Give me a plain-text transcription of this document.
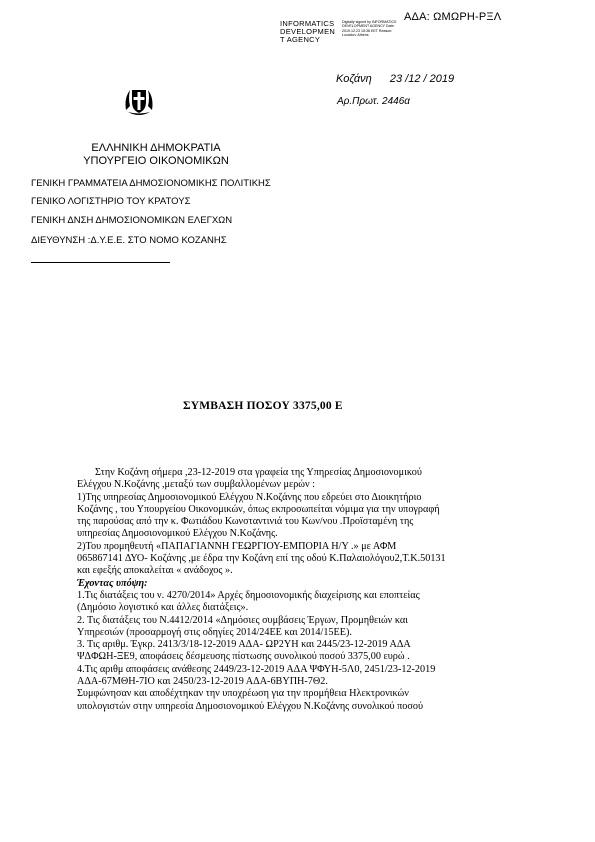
ΑΔΑ: ΩΜΩΡΗ-ΡΞΛ
INFORMATICS
DEVELOPMEN
T AGENCY
Digitally signed by INFORMATICS DEVELOPMENT AGENCY Date: 2019.12.23 15:38 EET Reason: Location: Athens
Κοζάνη 23 /12 / 2019
Αρ.Πρωτ. 2446α
ΕΛΛΗΝΙΚΗ ΔΗΜΟΚΡΑΤΙΑ
ΥΠΟΥΡΓΕΙΟ ΟΙΚΟΝΟΜΙΚΩΝ
ΓΕΝΙΚΗ ΓΡΑΜΜΑΤΕΙΑ ΔΗΜΟΣΙΟΝΟΜΙΚΗΣ ΠΟΛΙΤΙΚΗΣ
ΓΕΝΙΚΟ ΛΟΓΙΣΤΗΡΙΟ ΤΟΥ ΚΡΑΤΟΥΣ
ΓΕΝΙΚΗ ΔΝΣΗ ΔΗΜΟΣΙΟΝΟΜΙΚΩΝ ΕΛΕΓΧΩΝ
ΔΙΕΥΘΥΝΣΗ :Δ.Υ.Ε.Ε. ΣΤΟ ΝΟΜΟ ΚΟΖΑΝΗΣ
ΣΥΜΒΑΣΗ ΠΟΣΟΥ 3375,00 Ε

Στην Κοζάνη σήμερα ,23-12-2019 στα γραφεία της Υπηρεσίας Δημοσιονομικού

Ελέγχου Ν.Κοζάνης ,μεταξύ των συμβαλλομένων μερών :

1)Της υπηρεσίας Δημοσιονομικού Ελέγχου Ν.Κοζάνης που εδρεύει στο Διοικητήριο

Κοζάνης , του Υπουργείου Οικονομικών, όπως εκπροσωπείται νόμιμα για την υπογραφή

της παρούσας από την κ. Φωτιάδου Κωνσταντινιά του Κων/νου .Προϊσταμένη της

υπηρεσίας Δημοσιονομικού Ελέγχου Ν.Κοζάνης.

2)Του προμηθευτή «ΠΑΠΑΓΙΑΝΝΗ ΓΕΩΡΓΙΟΥ-ΕΜΠΟΡΙΑ Η/Υ .» με ΑΦΜ

065867141 ΔΥΟ- Κοζάνης ,με έδρα την Κοζάνη επί της οδού Κ.Παλαιολόγου2,Τ.Κ.50131

και εφεξής αποκαλείται « ανάδοχος ».

Έχοντας υπόψη:

1.Τις διατάξεις του ν. 4270/2014» Αρχές δημοσιονομικής διαχείρισης και εποπτείας

(Δημόσιο λογιστικό και άλλες διατάξεις».

2. Τις διατάξεις του Ν.4412/2014 «Δημόσιες συμβάσεις Έργων, Προμηθειών και

Υπηρεσιών (προσαρμογή στις οδηγίες 2014/24ΕΕ και 2014/15ΕΕ).

3. Τις αριθμ. Έγκρ. 2413/3/18-12-2019 ΑΔΑ- ΩΡ2ΥΗ και 2445/23-12-2019 ΑΔΑ

ΨΔΦΩΗ-ΞΕ9, αποφάσεις δέσμευσης πίστωσης συνολικού ποσού 3375,00 ευρώ .

4.Τις αριθμ αποφάσεις ανάθεσης 2449/23-12-2019 ΑΔΑ ΨΦΥΗ-5Λ0, 2451/23-12-2019

ΑΔΑ-67ΜΘΗ-7ΙΟ και 2450/23-12-2019 ΑΔΑ-6ΒΥΠΗ-7Θ2.

Συμφώνησαν και αποδέχτηκαν την υποχρέωση για την προμήθεια Ηλεκτρονικών

υπολογιστών στην υπηρεσία Δημοσιονομικού Ελέγχου Ν.Κοζάνης συνολικού ποσού
